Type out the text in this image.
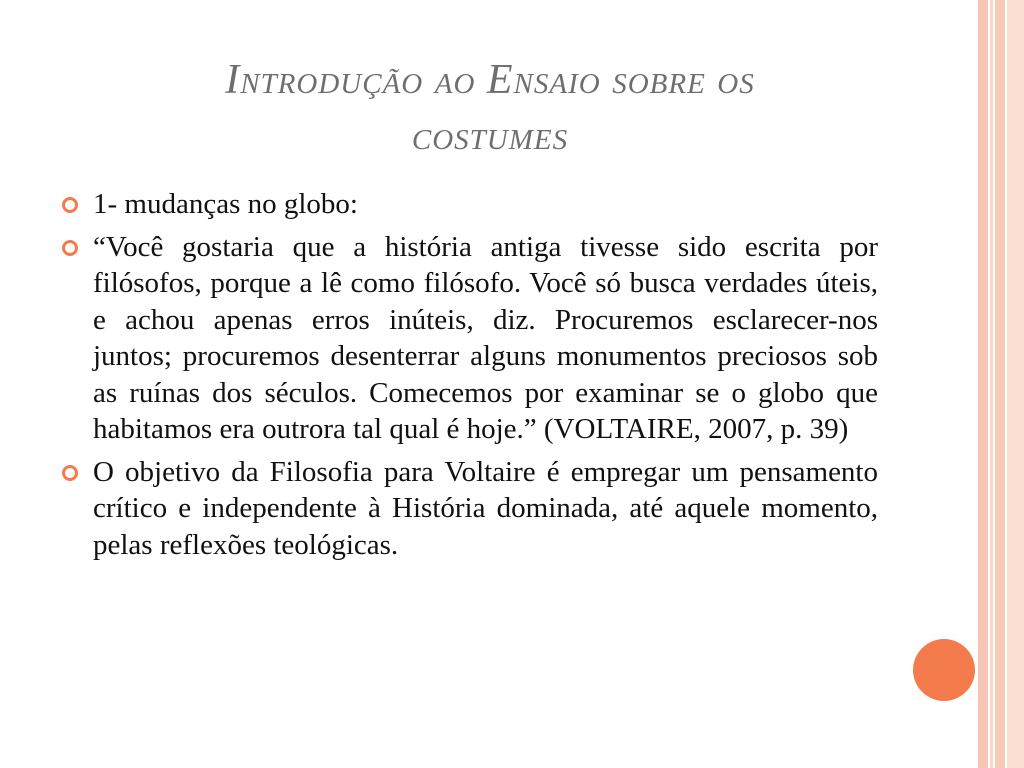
Introdução ao Ensaio sobre os
costumes
1- mudanças no globo:
“Você gostaria que a história antiga tivesse sido escrita por filósofos, porque a lê como filósofo. Você só busca verdades úteis, e achou apenas erros inúteis, diz. Procuremos esclarecer-nos juntos; procuremos desenterrar alguns monumentos preciosos sob as ruínas dos séculos. Comecemos por examinar se o globo que habitamos era outrora tal qual é hoje.” (VOLTAIRE, 2007, p. 39)
O objetivo da Filosofia para Voltaire é empregar um pensamento crítico e independente à História dominada, até aquele momento, pelas reflexões teológicas.
